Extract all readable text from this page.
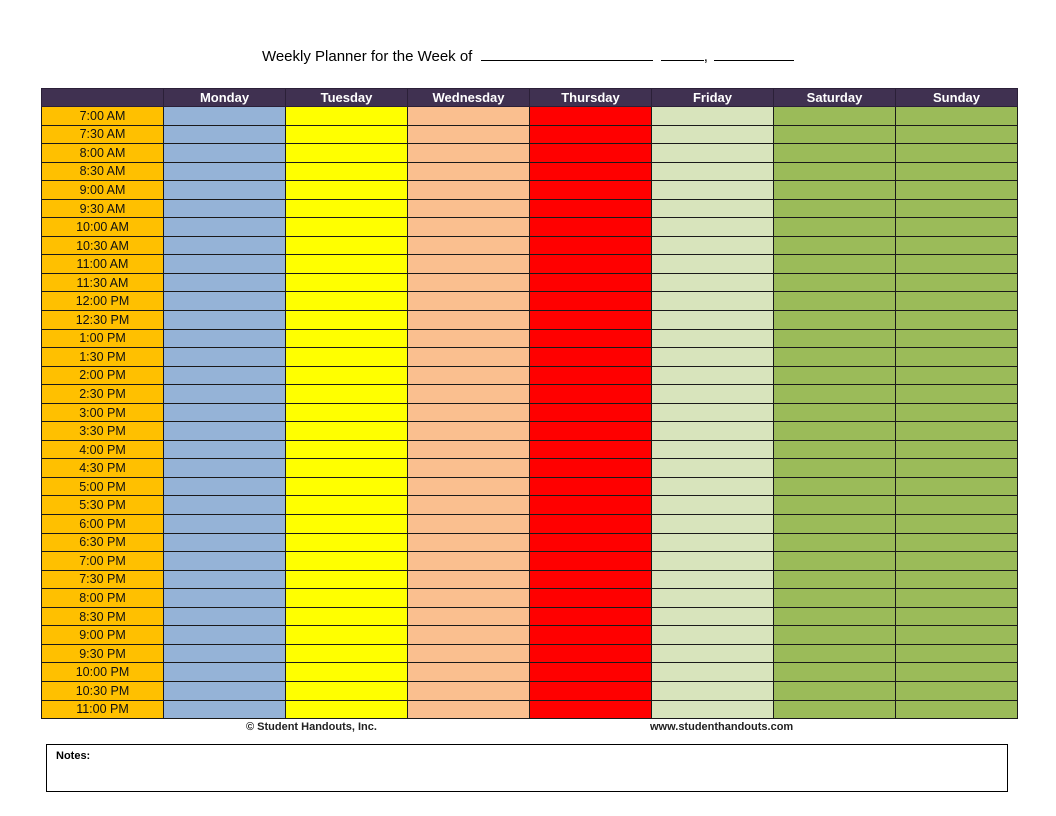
Weekly Planner for the Week of	,
	Monday	Tuesday	Wednesday	Thursday	Friday	Saturday	Sunday
7:00 AM							
7:30 AM							
8:00 AM							
8:30 AM							
9:00 AM							
9:30 AM							
10:00 AM							
10:30 AM							
11:00 AM							
11:30 AM							
12:00 PM							
12:30 PM							
1:00 PM							
1:30 PM							
2:00 PM							
2:30 PM							
3:00 PM							
3:30 PM							
4:00 PM							
4:30 PM							
5:00 PM							
5:30 PM							
6:00 PM							
6:30 PM							
7:00 PM							
7:30 PM							
8:00 PM							
8:30 PM							
9:00 PM							
9:30 PM							
10:00 PM							
10:30 PM							
11:00 PM							
© Student Handouts, Inc.	www.studenthandouts.com
Notes:
